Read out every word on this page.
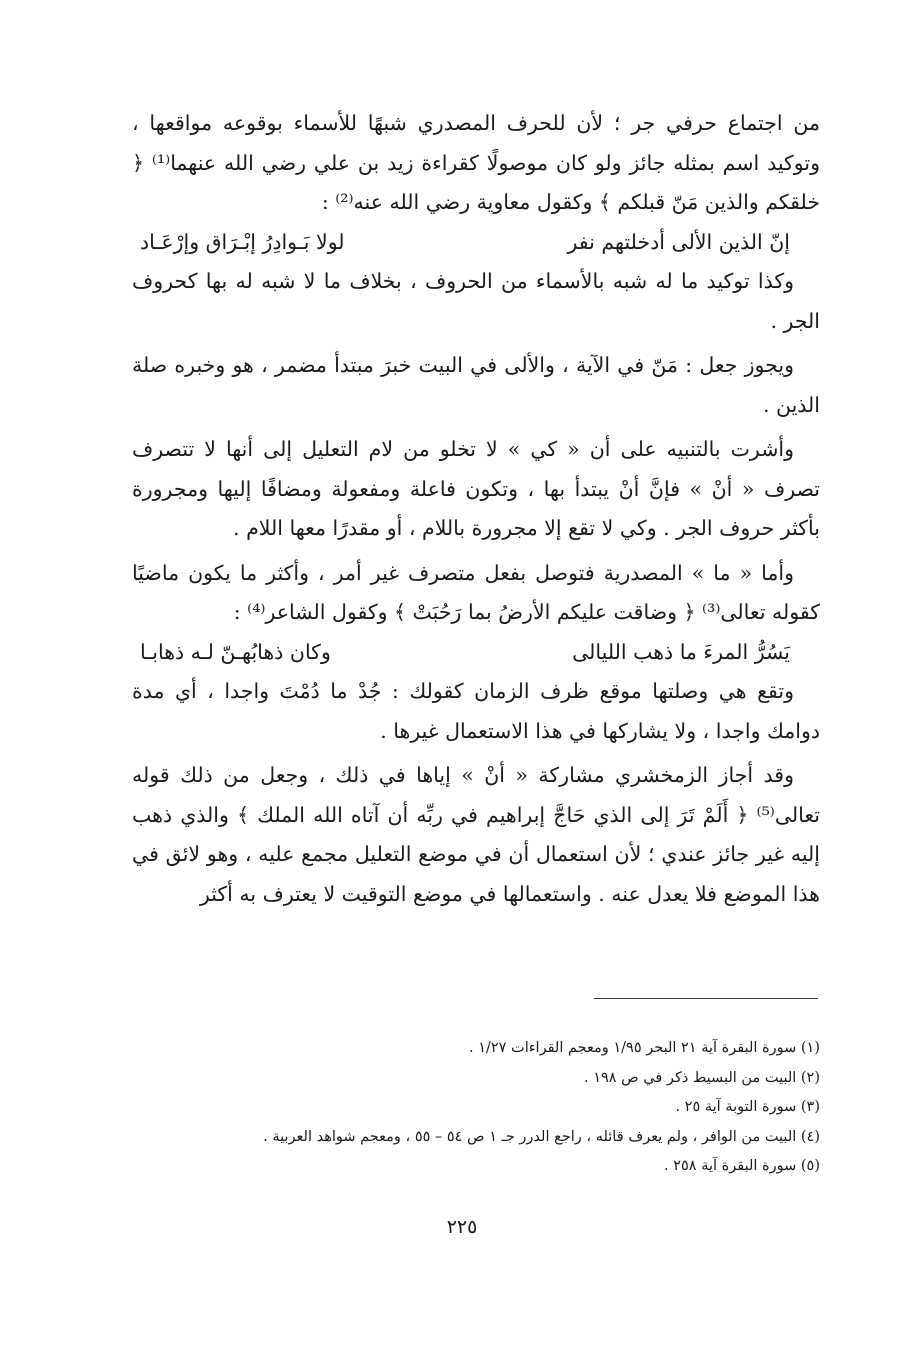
من اجتماع حرفي جر ؛ لأن للحرف المصدري شبهًا للأسماء بوقوعه مواقعها ، وتوكيد اسم بمثله جائز ولو كان موصولًا كقراءة زيد بن علي رضي الله عنهما⁽¹⁾ ﴿ خلقكم والذين مَنّ قبلكم ﴾ وكقول معاوية رضي الله عنه⁽²⁾ :

إنّ الذين الألى أدخلتهم نفر
لولا بَـوادِرُ إبْـرَاق وإرْعَـاد

وكذا توكيد ما له شبه بالأسماء من الحروف ، بخلاف ما لا شبه له بها كحروف الجر .

ويجوز جعل : مَنّ في الآية ، والألى في البيت خبرَ مبتدأ مضمر ، هو وخبره صلة الذين .

وأشرت بالتنبيه على أن « كي » لا تخلو من لام التعليل إلى أنها لا تتصرف تصرف « أنْ » فإنَّ أنْ يبتدأ بها ، وتكون فاعلة ومفعولة ومضافًا إليها ومجرورة بأكثر حروف الجر . وكي لا تقع إلا مجرورة باللام ، أو مقدرًا معها اللام .

وأما « ما » المصدرية فتوصل بفعل متصرف غير أمر ، وأكثر ما يكون ماضيًا كقوله تعالى⁽³⁾ ﴿ وضاقت عليكم الأرضُ بما رَحُبَتْ ﴾ وكقول الشاعر⁽⁴⁾ :

يَسُرُّ المرءَ ما ذهب الليالى
وكان ذهابُهـنّ لـه ذهابـا

وتقع هي وصلتها موقع ظرف الزمان كقولك : جُدْ ما دُمْتَ واجدا ، أي مدة دوامك واجدا ، ولا يشاركها في هذا الاستعمال غيرها .

وقد أجاز الزمخشري مشاركة « أنْ » إياها في ذلك ، وجعل من ذلك قوله تعالى⁽⁵⁾ ﴿ أَلَمْ تَرَ إلى الذي حَاجَّ إبراهيم في ربِّه أن آتاه الله الملك ﴾ والذي ذهب إليه غير جائز عندي ؛ لأن استعمال أن في موضع التعليل مجمع عليه ، وهو لائق في هذا الموضع فلا يعدل عنه . واستعمالها في موضع التوقيت لا يعترف به أكثر

(١) سورة البقرة آية ٢١ البحر ١/٩٥ ومعجم القراءات ١/٢٧ .
(٢) البيت من البسيط ذكر في ص ١٩٨ .
(٣) سورة التوبة آية ٢٥ .
(٤) البيت من الوافر ، ولم يعرف قائله ، راجع الدرر جـ ١ ص ٥٤ – ٥٥ ، ومعجم شواهد العربية .
(٥) سورة البقرة آية ٢٥٨ .
٢٢٥
